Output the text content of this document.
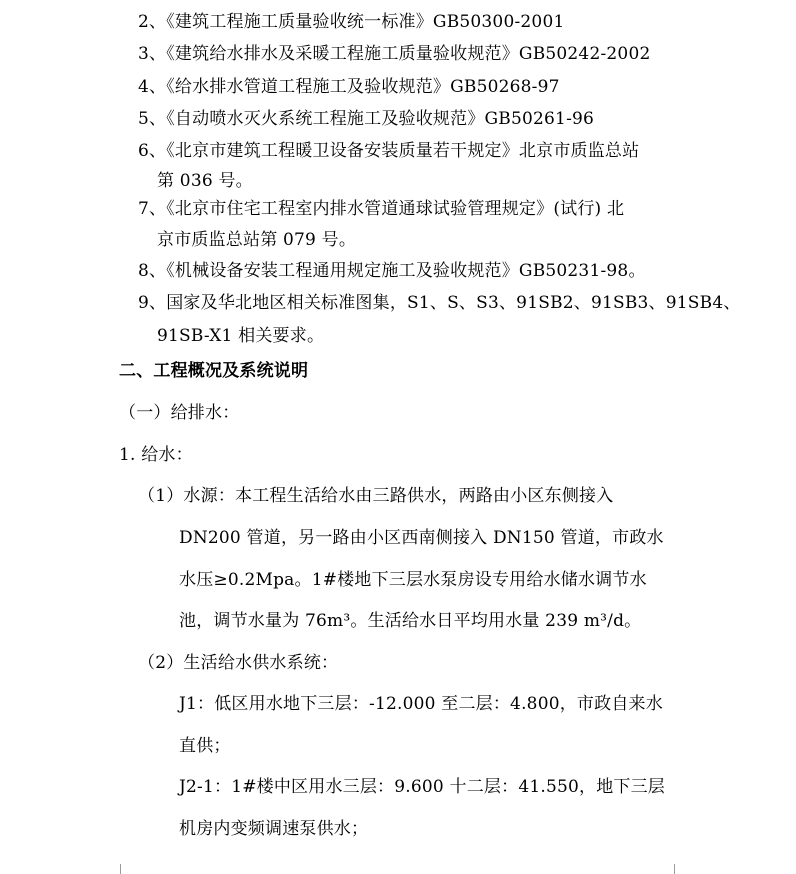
2、《建筑工程施工质量验收统一标准》GB50300-2001
3、《建筑给水排水及采暖工程施工质量验收规范》GB50242-2002
4、《给水排水管道工程施工及验收规范》GB50268-97
5、《自动喷水灭火系统工程施工及验收规范》GB50261-96
6、《北京市建筑工程暖卫设备安装质量若干规定》北京市质监总站
第 036 号。
7、《北京市住宅工程室内排水管道通球试验管理规定》(试行) 北
京市质监总站第 079 号。
8、《机械设备安装工程通用规定施工及验收规范》GB50231-98。
9、国家及华北地区相关标准图集，S1、S、S3、91SB2、91SB3、91SB4、
91SB-X1 相关要求。
二、工程概况及系统说明
（一）给排水：
1. 给水：
（1）水源：本工程生活给水由三路供水，两路由小区东侧接入
DN200 管道，另一路由小区西南侧接入 DN150 管道，市政水
水压≥0.2Mpa。1#楼地下三层水泵房设专用给水储水调节水
池，调节水量为 76m³。生活给水日平均用水量 239 m³/d。
（2）生活给水供水系统：
J1：低区用水地下三层：-12.000 至二层：4.800，市政自来水
直供；
J2-1：1#楼中区用水三层：9.600 十二层：41.550，地下三层
机房内变频调速泵供水；
